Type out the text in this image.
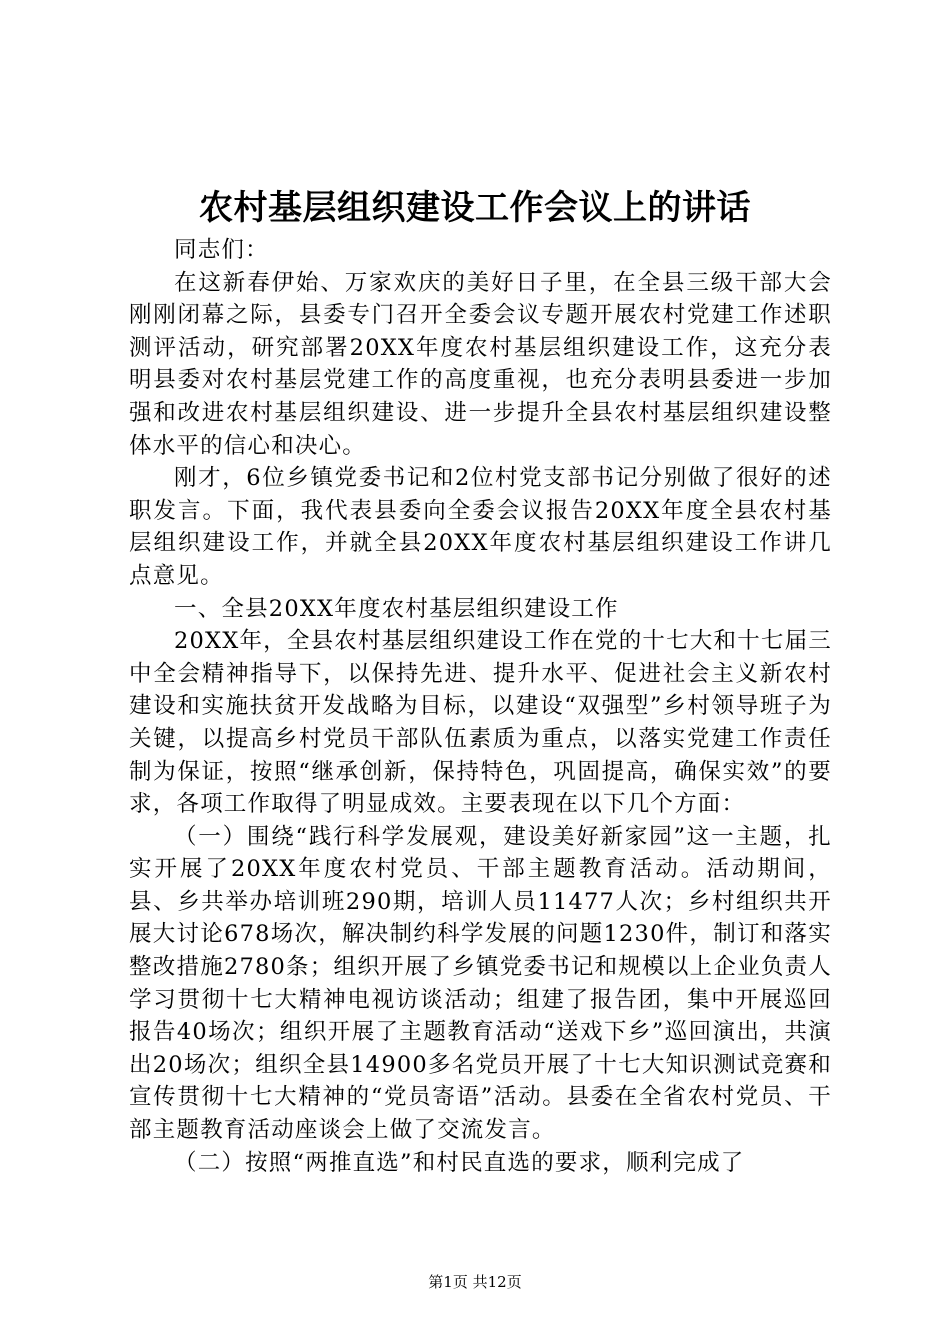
农村基层组织建设工作会议上的讲话

同志们：

在这新春伊始、万家欢庆的美好日子里，在全县三级干部大会刚刚闭幕之际，县委专门召开全委会议专题开展农村党建工作述职测评活动，研究部署20XX年度农村基层组织建设工作，这充分表明县委对农村基层党建工作的高度重视，也充分表明县委进一步加强和改进农村基层组织建设、进一步提升全县农村基层组织建设整体水平的信心和决心。

刚才，6位乡镇党委书记和2位村党支部书记分别做了很好的述职发言。下面，我代表县委向全委会议报告20XX年度全县农村基层组织建设工作，并就全县20XX年度农村基层组织建设工作讲几点意见。

一、全县20XX年度农村基层组织建设工作

20XX年，全县农村基层组织建设工作在党的十七大和十七届三中全会精神指导下，以保持先进、提升水平、促进社会主义新农村建设和实施扶贫开发战略为目标，以建设“双强型”乡村领导班子为关键，以提高乡村党员干部队伍素质为重点，以落实党建工作责任制为保证，按照“继承创新，保持特色，巩固提高，确保实效”的要求，各项工作取得了明显成效。主要表现在以下几个方面：

（一）围绕“践行科学发展观，建设美好新家园”这一主题，扎实开展了20XX年度农村党员、干部主题教育活动。活动期间，县、乡共举办培训班290期，培训人员11477人次；乡村组织共开展大讨论678场次，解决制约科学发展的问题1230件，制订和落实整改措施2780条；组织开展了乡镇党委书记和规模以上企业负责人学习贯彻十七大精神电视访谈活动；组建了报告团，集中开展巡回报告40场次；组织开展了主题教育活动“送戏下乡”巡回演出，共演出20场次；组织全县14900多名党员开展了十七大知识测试竞赛和宣传贯彻十七大精神的“党员寄语”活动。县委在全省农村党员、干部主题教育活动座谈会上做了交流发言。

（二）按照“两推直选”和村民直选的要求，顺利完成了

第1页 共12页
